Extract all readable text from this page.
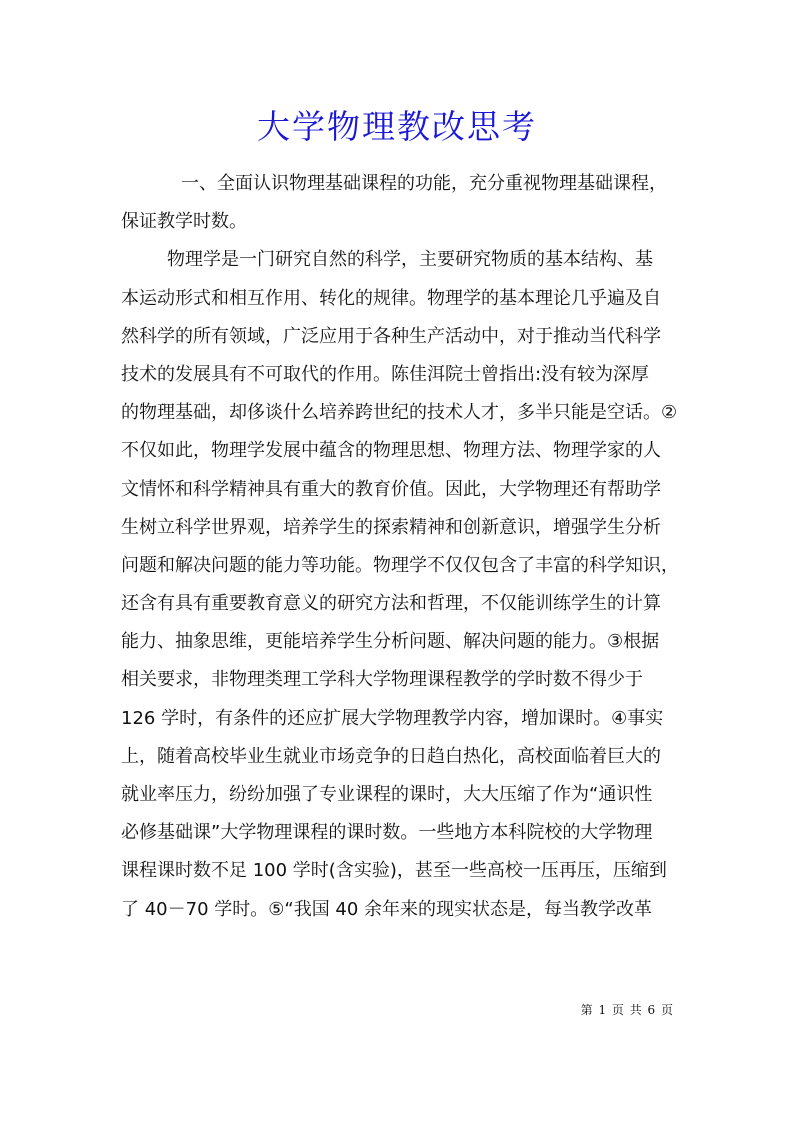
大学物理教改思考
一、全面认识物理基础课程的功能，充分重视物理基础课程，
保证教学时数。
物理学是一门研究自然的科学，主要研究物质的基本结构、基
本运动形式和相互作用、转化的规律。物理学的基本理论几乎遍及自
然科学的所有领域，广泛应用于各种生产活动中，对于推动当代科学
技术的发展具有不可取代的作用。陈佳洱院士曾指出:没有较为深厚
的物理基础，却侈谈什么培养跨世纪的技术人才，多半只能是空话。②
不仅如此，物理学发展中蕴含的物理思想、物理方法、物理学家的人
文情怀和科学精神具有重大的教育价值。因此，大学物理还有帮助学
生树立科学世界观，培养学生的探索精神和创新意识，增强学生分析
问题和解决问题的能力等功能。物理学不仅仅包含了丰富的科学知识，
还含有具有重要教育意义的研究方法和哲理，不仅能训练学生的计算
能力、抽象思维，更能培养学生分析问题、解决问题的能力。③根据
相关要求，非物理类理工学科大学物理课程教学的学时数不得少于
126 学时，有条件的还应扩展大学物理教学内容，增加课时。④事实
上，随着高校毕业生就业市场竞争的日趋白热化，高校面临着巨大的
就业率压力，纷纷加强了专业课程的课时，大大压缩了作为“通识性
必修基础课”大学物理课程的课时数。一些地方本科院校的大学物理
课程课时数不足 100 学时(含实验)，甚至一些高校一压再压，压缩到
了 40－70 学时。⑤“我国 40 余年来的现实状态是，每当教学改革
第 1 页 共 6 页
